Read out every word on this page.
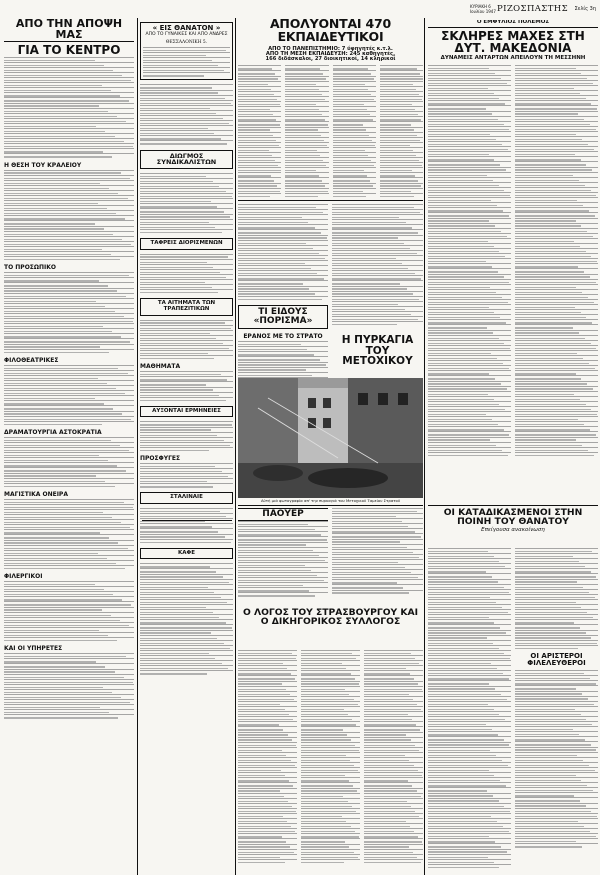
ΚΥΡΙΑΚΗ 6 Ιουλίου 1947 ΡΙΖΟΣΠΑΣΤΗΣ Σελίς 3η
ΑΠΟ ΤΗΝ ΑΠΟΨΗ ΜΑΣ
ΓΙΑ ΤΟ ΚΕΝΤΡΟ
Η ΘΕΣΗ ΤΟΥ ΚΡΑΛΕΙΟΥ
ΤΟ ΠΡΟΣΩΠΙΚΟ
ΦΙΛΟΘΕΑΤΡΙΚΕΣ
ΔΡΑΜΑΤΟΥΡΓΙΑ ΑΣΤΟΚΡΑΤΙΑ
ΜΑΓΙΣΤΙΚΑ ΟΝΕΙΡΑ
ΦΙΛΕΡΓΙΚΟΙ
ΚΑΙ ΟΙ ΥΠΗΡΕΤΕΣ
« ΕΙΣ ΘΑΝΑΤΟΝ »
ΑΠΟ ΤΟ ΓΥΝΑΙΚΕΣ ΚΑΙ ΑΠΟ ΑΝΔΡΕΣ
ΘΕΣΣΑΛΟΝΙΚΗ 5.
ΔΙΩΓΜΟΣ ΣΥΝΔΙΚΑΛΙΣΤΩΝ
ΤΑΦΡΕΙΣ ΔΙΟΡΙΣΜΕΝΩΝ
ΤΑ ΑΙΤΗΜΑΤΑ ΤΩΝ ΤΡΑΠΕΖΙΤΙΚΩΝ
ΜΑΘΗΜΑΤΑ
ΑΥΞΟΝΤΑΙ ΕΡΜΗΝΕΙΕΣ
ΠΡΟΣΦΥΓΕΣ
ΣΤΑΛΙΝΑΙΕ
ΚΑΦΕ
ΑΠΟΛΥΟΝΤΑΙ 470 ΕΚΠΑΙΔΕΥΤΙΚΟΙ
ΑΠΟ ΤΟ ΠΑΝΕΠΙΣΤΗΜΙΟ: 7 ύφηγητές κ.τ.λ.
ΑΠΟ ΤΗ ΜΕΣΗ ΕΚΠΑΙΔΕΥΣΗ: 245 καθηγητές,
166 διδάσκαλοι, 27 διοικητικοί, 14 κληρικοί
ΤΙ ΕΙΔΟΥΣ «ΠΟΡΙΣΜΑ»
ΕΡΑΝΟΣ ΜΕ ΤΟ ΣΤΡΑΤΟ	Η ΠΥΡΚΑΓΙΑ ΤΟΥ ΜΕΤΟΧΙΚΟΥ
Αύτή μιά φωτογραφία απ' την πυρκαγιά του Μετοχικού Ταμείου Στρατού
ΠΑΟΥΕΡ
Ο ΛΟΓΟΣ ΤΟΥ ΣΤΡΑΣΒΟΥΡΓΟΥ ΚΑΙ Ο ΔΙΚΗΓΟΡΙΚΟΣ ΣΥΛΛΟΓΟΣ
Ο ΕΜΦΥΛΙΟΣ ΠΟΛΕΜΟΣ
ΣΚΛΗΡΕΣ ΜΑΧΕΣ ΣΤΗ ΔΥΤ. ΜΑΚΕΔΟΝΙΑ
ΔΥΝΑΜΕΙΣ ΑΝΤΑΡΤΩΝ ΑΠΕΙΛΟΥΝ ΤΗ ΜΕΣΣΗΝΗ
ΟΙ ΚΑΤΑΔΙΚΑΣΜΕΝΟΙ ΣΤΗΝ ΠΟΙΝΗ ΤΟΥ ΘΑΝΑΤΟΥ
Επείγουσα ανακοίνωση
ΟΙ ΑΡΙΣΤΕΡΟΙ ΦΙΛΕΛΕΥΘΕΡΟΙ
